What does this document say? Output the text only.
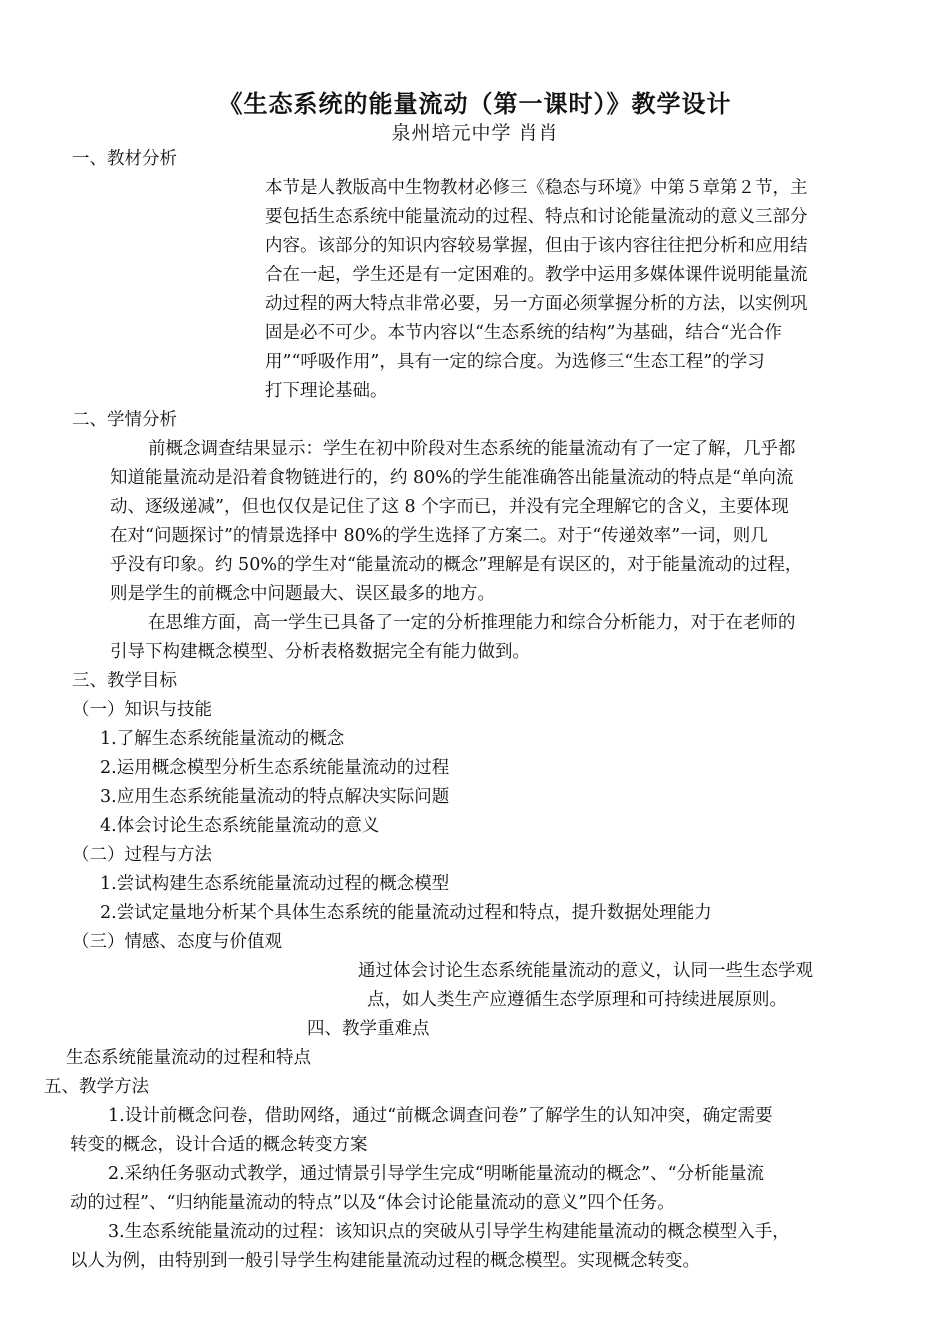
《生态系统的能量流动（第一课时）》教学设计
泉州培元中学 肖肖
一、教材分析
本节是人教版高中生物教材必修三《稳态与环境》中第５章第２节，主
要包括生态系统中能量流动的过程、特点和讨论能量流动的意义三部分
内容。该部分的知识内容较易掌握，但由于该内容往往把分析和应用结
合在一起，学生还是有一定困难的。教学中运用多媒体课件说明能量流
动过程的两大特点非常必要，另一方面必须掌握分析的方法，以实例巩
固是必不可少。本节内容以“生态系统的结构”为基础，结合“光合作
用”“呼吸作用”，具有一定的综合度。为选修三“生态工程”的学习
打下理论基础。
二、学情分析
前概念调查结果显示：学生在初中阶段对生态系统的能量流动有了一定了解，几乎都
知道能量流动是沿着食物链进行的，约 80%的学生能准确答出能量流动的特点是“单向流
动、逐级递减”，但也仅仅是记住了这 8 个字而已，并没有完全理解它的含义，主要体现
在对“问题探讨”的情景选择中 80%的学生选择了方案二。对于“传递效率”一词，则几
乎没有印象。约 50%的学生对“能量流动的概念”理解是有误区的，对于能量流动的过程，
则是学生的前概念中问题最大、误区最多的地方。
在思维方面，高一学生已具备了一定的分析推理能力和综合分析能力，对于在老师的
引导下构建概念模型、分析表格数据完全有能力做到。
三、教学目标
（一）知识与技能
1.了解生态系统能量流动的概念
2.运用概念模型分析生态系统能量流动的过程
3.应用生态系统能量流动的特点解决实际问题
4.体会讨论生态系统能量流动的意义
（二）过程与方法
1.尝试构建生态系统能量流动过程的概念模型
2.尝试定量地分析某个具体生态系统的能量流动过程和特点，提升数据处理能力
（三）情感、态度与价值观
通过体会讨论生态系统能量流动的意义，认同一些生态学观
点，如人类生产应遵循生态学原理和可持续进展原则。
四、教学重难点
生态系统能量流动的过程和特点
五、教学方法
1.设计前概念问卷，借助网络，通过“前概念调查问卷”了解学生的认知冲突，确定需要
转变的概念，设计合适的概念转变方案
2.采纳任务驱动式教学，通过情景引导学生完成“明晰能量流动的概念”、“分析能量流
动的过程”、“归纳能量流动的特点”以及“体会讨论能量流动的意义”四个任务。
3.生态系统能量流动的过程：该知识点的突破从引导学生构建能量流动的概念模型入手，
以人为例，由特别到一般引导学生构建能量流动过程的概念模型。实现概念转变。
